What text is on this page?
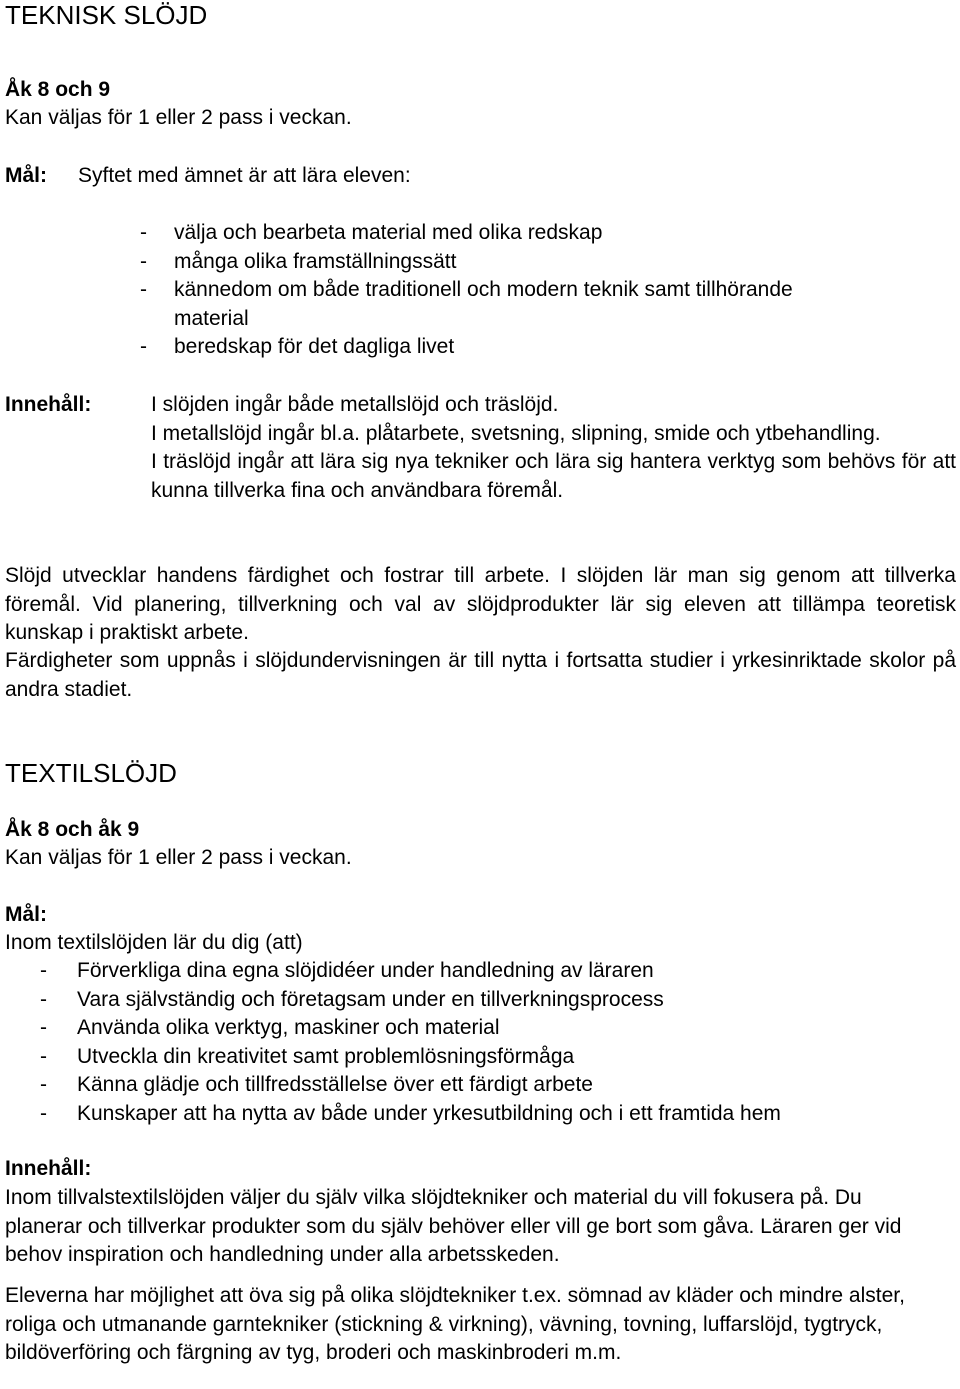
TEKNISK SLÖJD
Åk 8 och 9
Kan väljas för 1 eller 2 pass i veckan.
Mål: Syftet med ämnet är att lära eleven:
- välja och bearbeta material med olika redskap
- många olika framställningssätt
- kännedom om både traditionell och modern teknik samt tillhörande
material
- beredskap för det dagliga livet
Innehåll:	I slöjden ingår både metallslöjd och träslöjd.
I metallslöjd ingår bl.a. plåtarbete, svetsning, slipning, smide och ytbehandling.
I träslöjd ingår att lära sig nya tekniker och lära sig hantera verktyg som behövs för att kunna tillverka fina och användbara föremål.
Slöjd utvecklar handens färdighet och fostrar till arbete. I slöjden lär man sig genom att tillverka föremål. Vid planering, tillverkning och val av slöjdprodukter lär sig eleven att tillämpa teoretisk kunskap i praktiskt arbete.
Färdigheter som uppnås i slöjdundervisningen är till nytta i fortsatta studier i yrkesinriktade skolor på andra stadiet.
TEXTILSLÖJD
Åk 8 och åk 9
Kan väljas för 1 eller 2 pass i veckan.
Mål:
Inom textilslöjden lär du dig (att)
- Förverkliga dina egna slöjdidéer under handledning av läraren
- Vara självständig och företagsam under en tillverkningsprocess
- Använda olika verktyg, maskiner och material
- Utveckla din kreativitet samt problemlösningsförmåga
- Känna glädje och tillfredsställelse över ett färdigt arbete
- Kunskaper att ha nytta av både under yrkesutbildning och i ett framtida hem
Innehåll:
Inom tillvalstextilslöjden väljer du själv vilka slöjdtekniker och material du vill fokusera på. Du planerar och tillverkar produkter som du själv behöver eller vill ge bort som gåva. Läraren ger vid behov inspiration och handledning under alla arbetsskeden.
Eleverna har möjlighet att öva sig på olika slöjdtekniker t.ex. sömnad av kläder och mindre alster, roliga och utmanande garntekniker (stickning & virkning), vävning, tovning, luffarslöjd, tygtryck, bildöverföring och färgning av tyg, broderi och maskinbroderi m.m.
